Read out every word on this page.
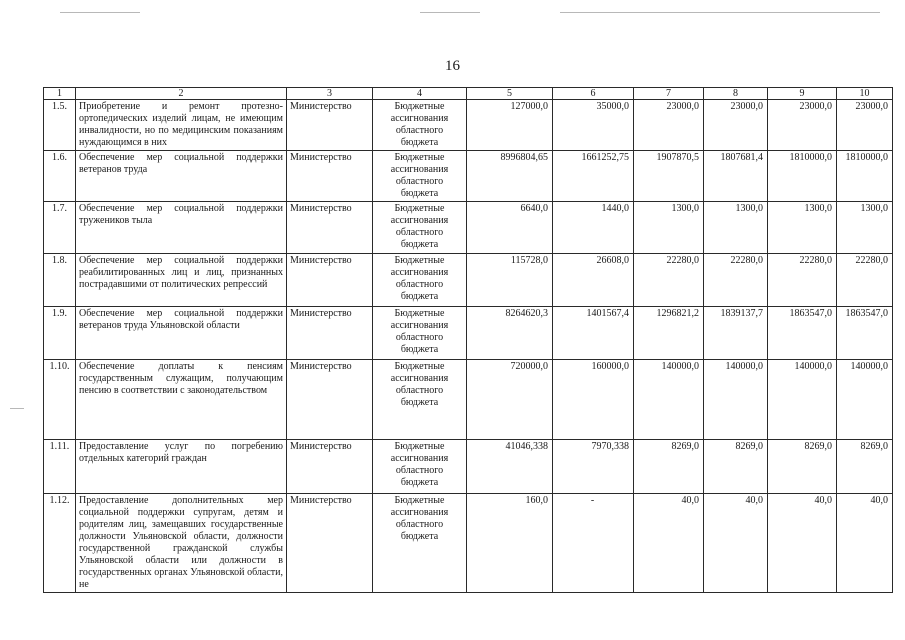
16
1	2	3	4	5	6	7	8	9	10
1.5.	Приобретение и ремонт протезно-ортопедических изделий лицам, не имеющим инвалидности, но по медицинским показаниям нуждающимся в них	Министерство	Бюджетные ассигнования областного бюджета	127000,0	35000,0	23000,0	23000,0	23000,0	23000,0
1.6.	Обеспечение мер социальной поддержки ветеранов труда	Министерство	Бюджетные ассигнования областного бюджета	8996804,65	1661252,75	1907870,5	1807681,4	1810000,0	1810000,0
1.7.	Обеспечение мер социальной поддержки тружеников тыла	Министерство	Бюджетные ассигнования областного бюджета	6640,0	1440,0	1300,0	1300,0	1300,0	1300,0
1.8.	Обеспечение мер социальной поддержки реабилитированных лиц и лиц, признанных пострадавшими от политических репрессий	Министерство	Бюджетные ассигнования областного бюджета	115728,0	26608,0	22280,0	22280,0	22280,0	22280,0
1.9.	Обеспечение мер социальной поддержки ветеранов труда Ульяновской области	Министерство	Бюджетные ассигнования областного бюджета	8264620,3	1401567,4	1296821,2	1839137,7	1863547,0	1863547,0
1.10.	Обеспечение доплаты к пенсиям государственным служащим, получающим пенсию в соответствии с законодательством	Министерство	Бюджетные ассигнования областного бюджета	720000,0	160000,0	140000,0	140000,0	140000,0	140000,0
1.11.	Предоставление услуг по погребению отдельных категорий граждан	Министерство	Бюджетные ассигнования областного бюджета	41046,338	7970,338	8269,0	8269,0	8269,0	8269,0
1.12.	Предоставление дополнительных мер социальной поддержки супругам, детям и родителям лиц, замещавших государственные должности Ульяновской области, должности государственной гражданской службы Ульяновской области или должности в государственных органах Ульяновской области, не	Министерство	Бюджетные ассигнования областного бюджета	160,0	-	40,0	40,0	40,0	40,0
